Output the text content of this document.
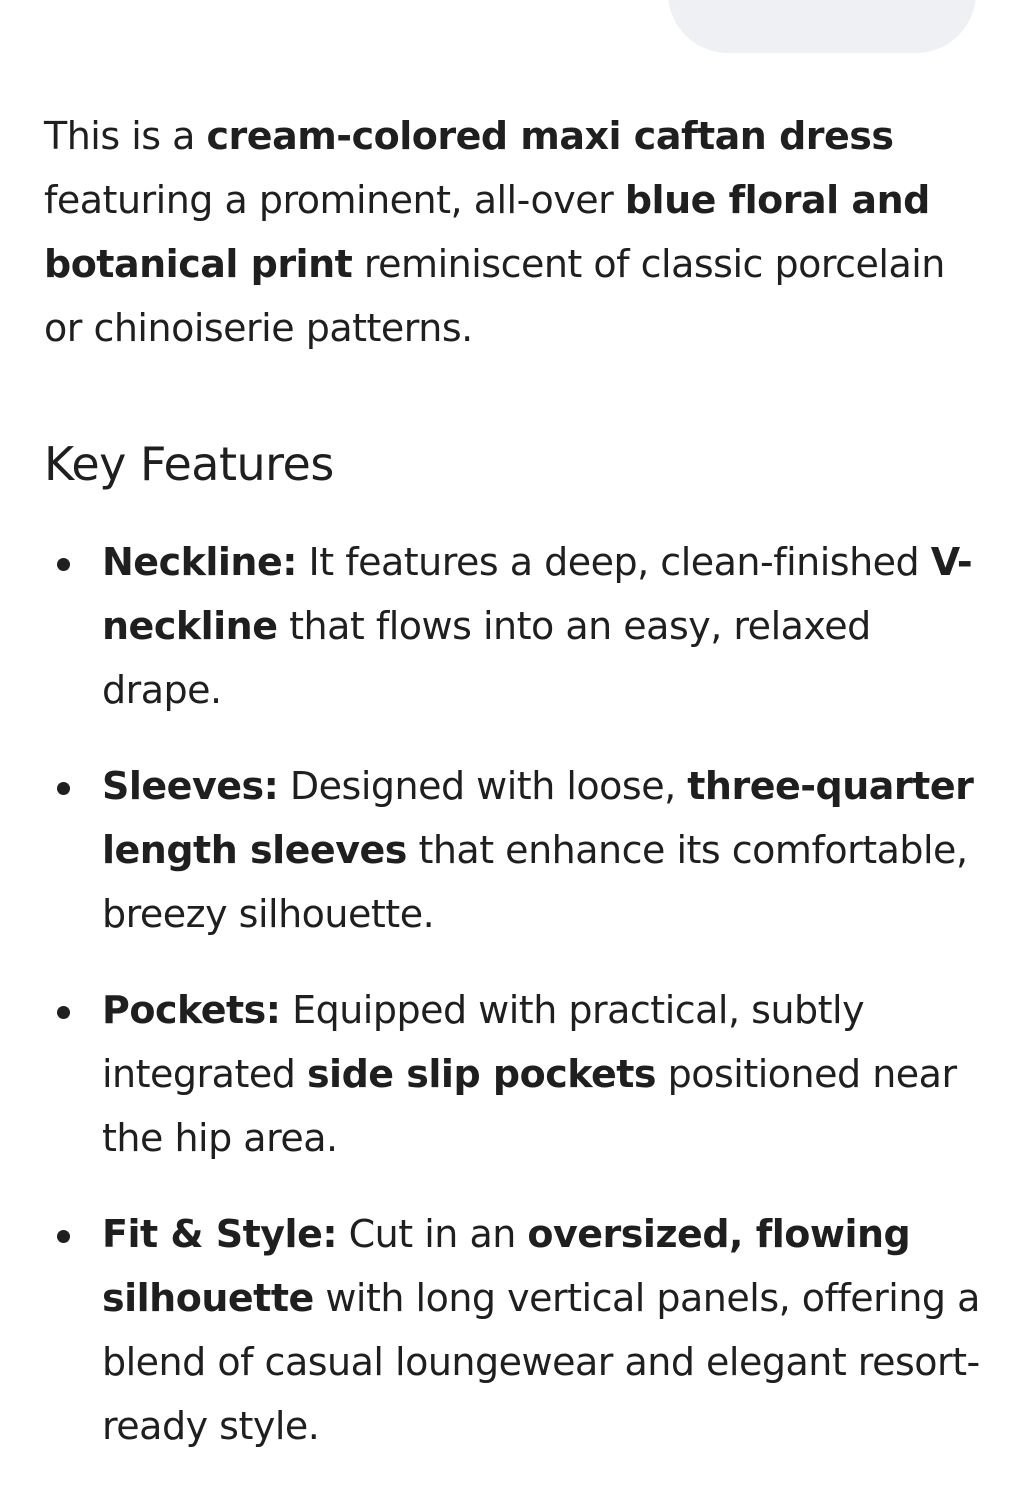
This is a cream-colored maxi caftan dress featuring a prominent, all-over blue floral and botanical print reminiscent of classic porcelain or chinoiserie patterns.

Key Features
Neckline: It features a deep, clean-finished V-neckline that flows into an easy, relaxed drape.
Sleeves: Designed with loose, three-quarter length sleeves that enhance its comfortable, breezy silhouette.
Pockets: Equipped with practical, subtly integrated side slip pockets positioned near the hip area.
Fit & Style: Cut in an oversized, flowing silhouette with long vertical panels, offering a blend of casual loungewear and elegant resort-ready style.
